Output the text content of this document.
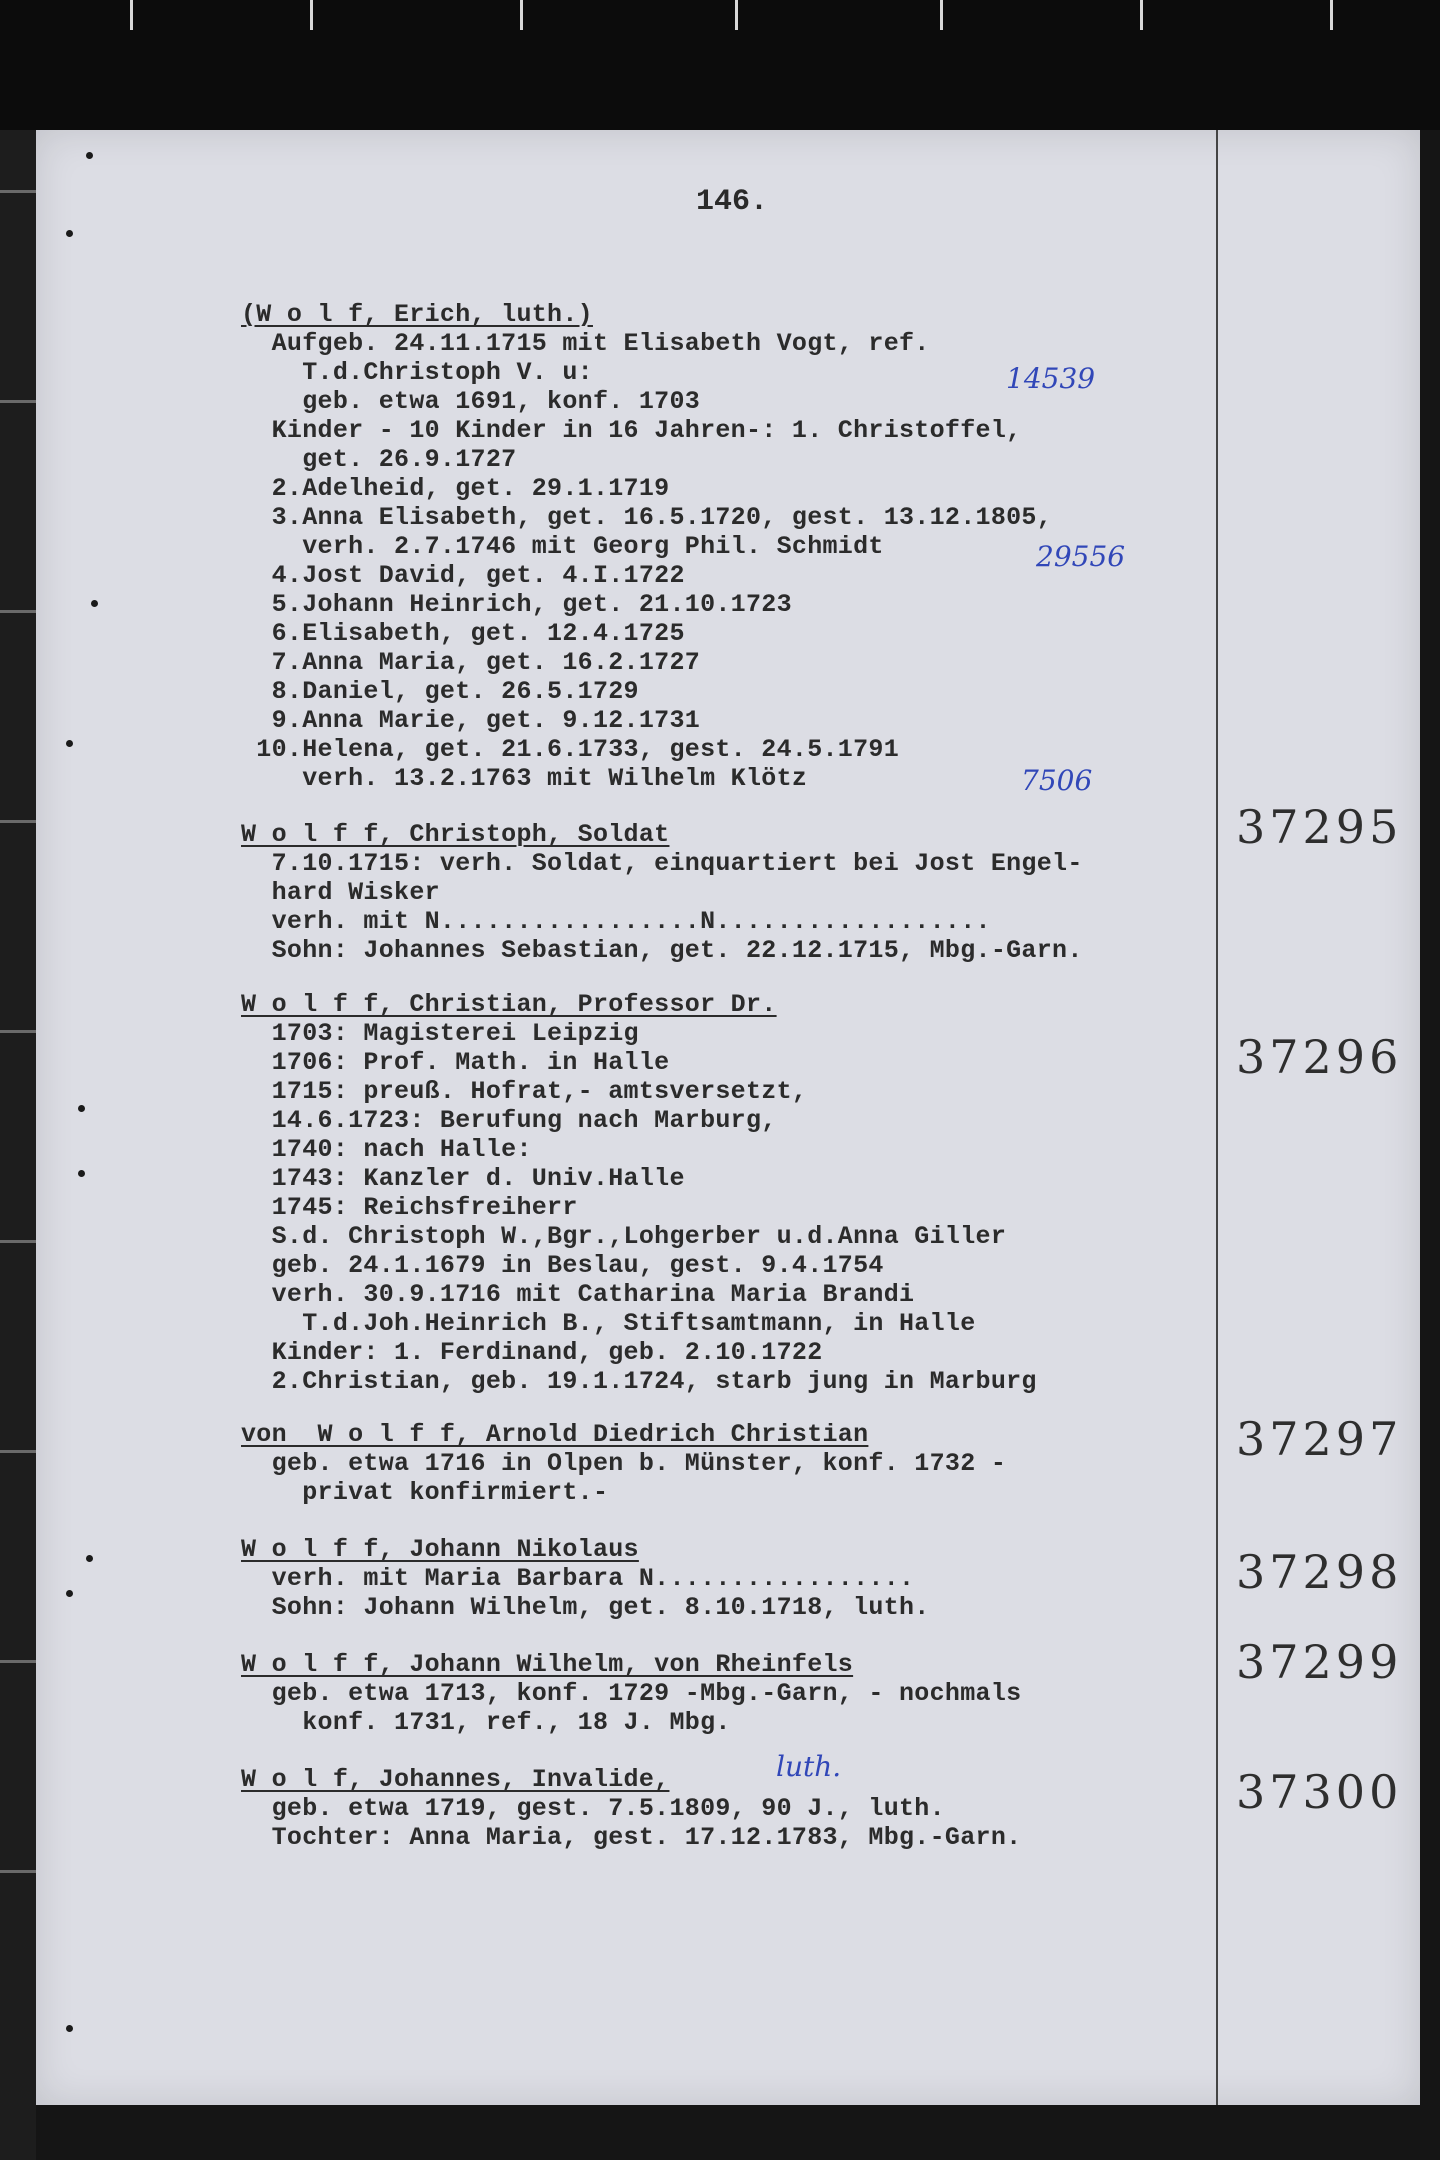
146.
(W o l f, Erich, luth.)
Aufgeb. 24.11.1715 mit Elisabeth Vogt, ref.
T.d.Christoph V. u:
geb. etwa 1691, konf. 1703
Kinder - 10 Kinder in 16 Jahren-: 1. Christoffel,
get. 26.9.1727
2.Adelheid, get. 29.1.1719
3.Anna Elisabeth, get. 16.5.1720, gest. 13.12.1805,
verh. 2.7.1746 mit Georg Phil. Schmidt
4.Jost David, get. 4.I.1722
5.Johann Heinrich, get. 21.10.1723
6.Elisabeth, get. 12.4.1725
7.Anna Maria, get. 16.2.1727
8.Daniel, get. 26.5.1729
9.Anna Marie, get. 9.12.1731
10.Helena, get. 21.6.1733, gest. 24.5.1791
verh. 13.2.1763 mit Wilhelm Klötz
14539
29556
7506
37295
W o l f f, Christoph, Soldat
7.10.1715: verh. Soldat, einquartiert bei Jost Engel-
hard Wisker
verh. mit N.................N..................
Sohn: Johannes Sebastian, get. 22.12.1715, Mbg.-Garn.
37296
W o l f f, Christian, Professor Dr.
1703: Magisterei Leipzig
1706: Prof. Math. in Halle
1715: preuß. Hofrat,- amtsversetzt,
14.6.1723: Berufung nach Marburg,
1740: nach Halle:
1743: Kanzler d. Univ.Halle
1745: Reichsfreiherr
S.d. Christoph W.,Bgr.,Lohgerber u.d.Anna Giller
geb. 24.1.1679 in Beslau, gest. 9.4.1754
verh. 30.9.1716 mit Catharina Maria Brandi
T.d.Joh.Heinrich B., Stiftsamtmann, in Halle
Kinder: 1. Ferdinand, geb. 2.10.1722
2.Christian, geb. 19.1.1724, starb jung in Marburg
37297
von  W o l f f, Arnold Diedrich Christian
geb. etwa 1716 in Olpen b. Münster, konf. 1732 -
privat konfirmiert.-
37298
W o l f f, Johann Nikolaus
verh. mit Maria Barbara N.................
Sohn: Johann Wilhelm, get. 8.10.1718, luth.
37299
W o l f f, Johann Wilhelm, von Rheinfels
geb. etwa 1713, konf. 1729 -Mbg.-Garn, - nochmals
konf. 1731, ref., 18 J. Mbg.
37300
W o l f, Johannes, Invalide,
geb. etwa 1719, gest. 7.5.1809, 90 J., luth.
Tochter: Anna Maria, gest. 17.12.1783, Mbg.-Garn.
luth.
